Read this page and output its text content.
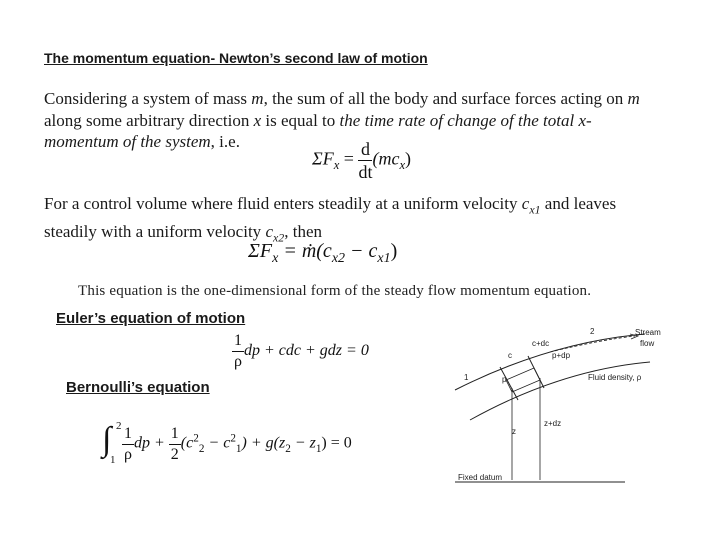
The momentum equation- Newton’s second law of motion
Considering a system of mass m, the sum of all the body and surface forces acting on m along some arbitrary direction x is equal to the time rate of change of the total x-momentum of the system, i.e.
$\Sigma F_x = \frac{d}{dt} (mc_x)$
For a control volume where fluid enters steadily at a uniform velocity $c_{x1}$ and leaves steadily with a uniform velocity $c_{x2}$, then
$\Sigma F_x$ = $ṁ(c_{x2} - c_{x1})$
This equation is the one-dimensional form of the steady flow momentum equation.
Euler’s equation of motion
$\frac{1}{\rho}$ dp + cdc + gdz = 0
Bernoulli’s equation
∫ 2
$1 \frac{1}{\rho}$ dp + $\frac{1}{2} (c^2_2 - c^2_1) + g(z_2 - z_1) = 0$
Stream
flow
2
c+dc
c	p+dp
Fluid density, ρ
1	p
z
z+dz
Fixed datum
